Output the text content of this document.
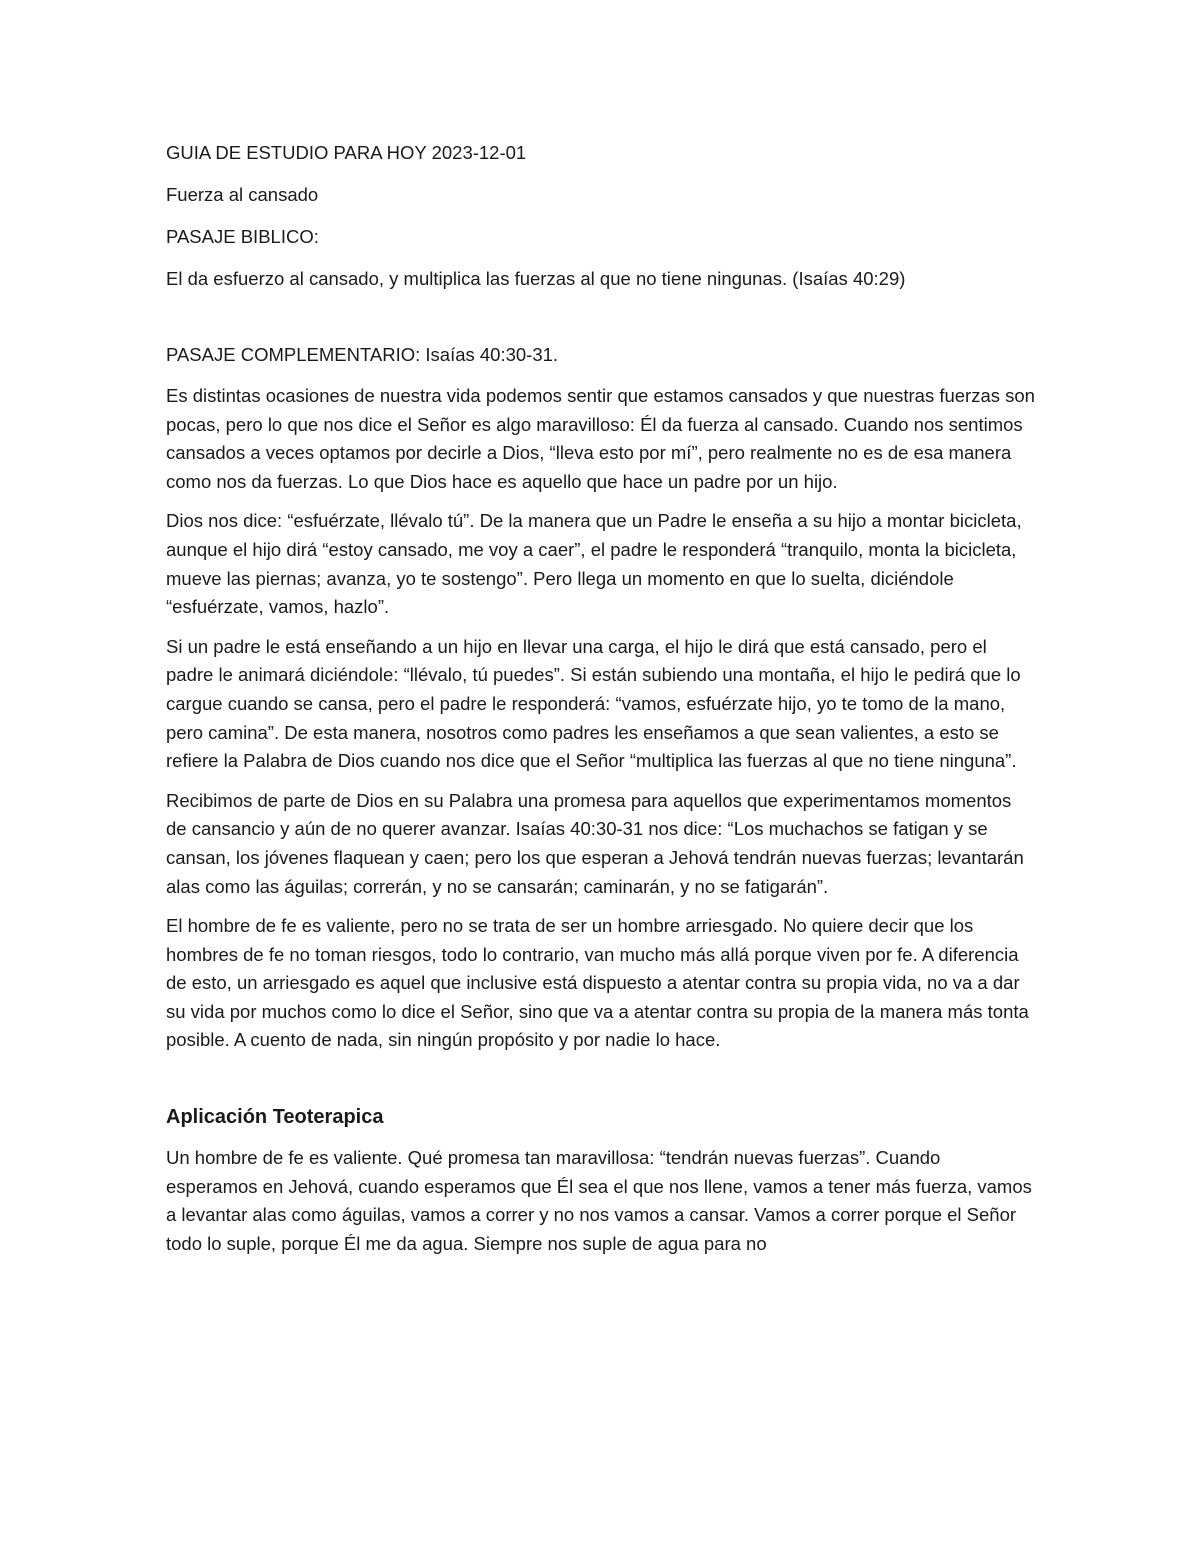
GUIA DE ESTUDIO PARA HOY 2023-12-01
Fuerza al cansado
PASAJE BIBLICO:
El da esfuerzo al cansado, y multiplica las fuerzas al que no tiene ningunas. (Isaías 40:29)
PASAJE COMPLEMENTARIO: Isaías 40:30-31.

Es distintas ocasiones de nuestra vida podemos sentir que estamos cansados y que nuestras fuerzas son pocas, pero lo que nos dice el Señor es algo maravilloso: Él da fuerza al cansado. Cuando nos sentimos cansados a veces optamos por decirle a Dios, “lleva esto por mí”, pero realmente no es de esa manera como nos da fuerzas. Lo que Dios hace es aquello que hace un padre por un hijo.

Dios nos dice: “esfuérzate, llévalo tú”. De la manera que un Padre le enseña a su hijo a montar bicicleta, aunque el hijo dirá “estoy cansado, me voy a caer”, el padre le responderá “tranquilo, monta la bicicleta, mueve las piernas; avanza, yo te sostengo”. Pero llega un momento en que lo suelta, diciéndole “esfuérzate, vamos, hazlo”.

Si un padre le está enseñando a un hijo en llevar una carga, el hijo le dirá que está cansado, pero el padre le animará diciéndole: “llévalo, tú puedes”. Si están subiendo una montaña, el hijo le pedirá que lo cargue cuando se cansa, pero el padre le responderá: “vamos, esfuérzate hijo, yo te tomo de la mano, pero camina”. De esta manera, nosotros como padres les enseñamos a que sean valientes, a esto se refiere la Palabra de Dios cuando nos dice que el Señor “multiplica las fuerzas al que no tiene ninguna”.

Recibimos de parte de Dios en su Palabra una promesa para aquellos que experimentamos momentos de cansancio y aún de no querer avanzar. Isaías 40:30-31 nos dice: “Los muchachos se fatigan y se cansan, los jóvenes flaquean y caen; pero los que esperan a Jehová tendrán nuevas fuerzas; levantarán alas como las águilas; correrán, y no se cansarán; caminarán, y no se fatigarán”.

El hombre de fe es valiente, pero no se trata de ser un hombre arriesgado. No quiere decir que los hombres de fe no toman riesgos, todo lo contrario, van mucho más allá porque viven por fe. A diferencia de esto, un arriesgado es aquel que inclusive está dispuesto a atentar contra su propia vida, no va a dar su vida por muchos como lo dice el Señor, sino que va a atentar contra su propia de la manera más tonta posible. A cuento de nada, sin ningún propósito y por nadie lo hace.

Aplicación Teoterapica

Un hombre de fe es valiente. Qué promesa tan maravillosa: “tendrán nuevas fuerzas”. Cuando esperamos en Jehová, cuando esperamos que Él sea el que nos llene, vamos a tener más fuerza, vamos a levantar alas como águilas, vamos a correr y no nos vamos a cansar. Vamos a correr porque el Señor todo lo suple, porque Él me da agua. Siempre nos suple de agua para no
